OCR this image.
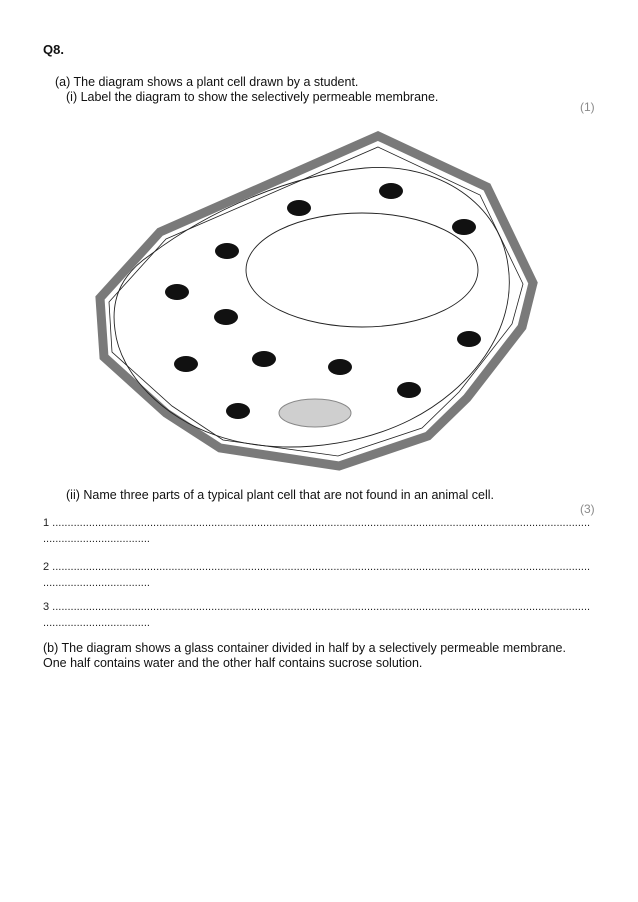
Q8.
(a) The diagram shows a plant cell drawn by a student.
(i) Label the diagram to show the selectively permeable membrane.
(1)
(ii) Name three parts of a typical plant cell that are not found in an animal cell.
(3)
1 .....
...................................
2 .....
...................................
3 .....
...................................
(b) The diagram shows a glass container divided in half by a selectively permeable membrane.
One half contains water and the other half contains sucrose solution.
